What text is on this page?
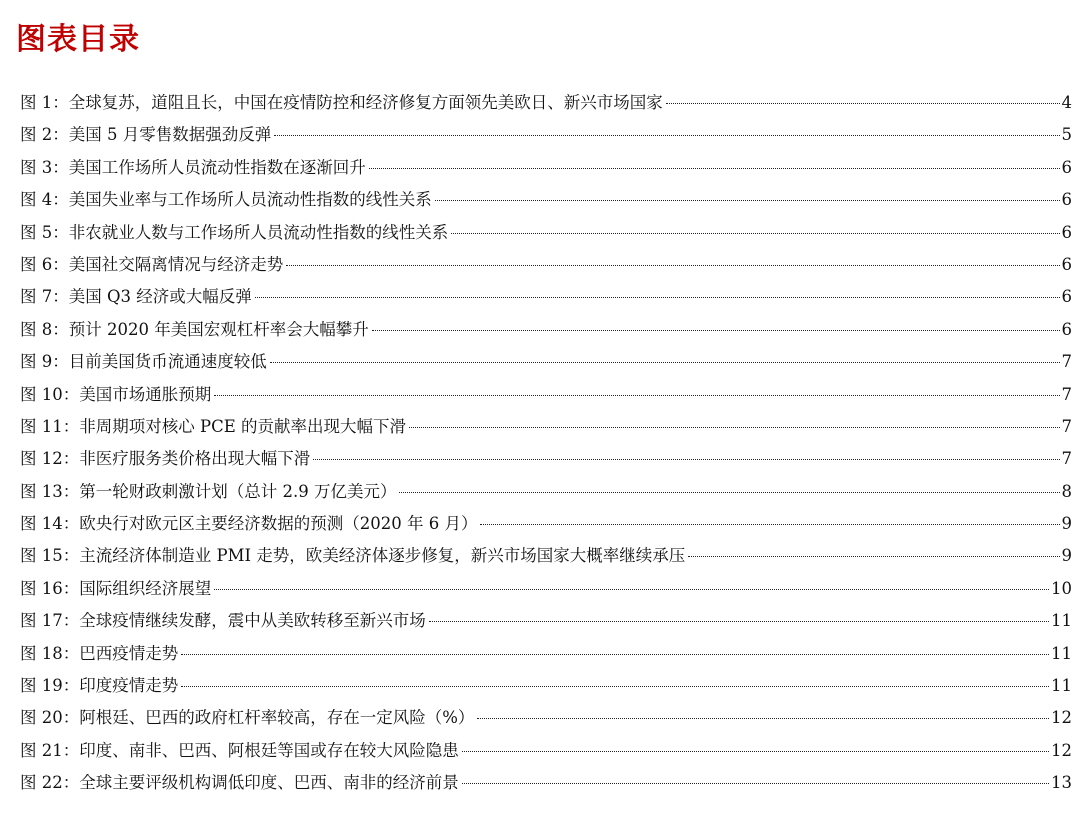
图表目录
图 1：全球复苏，道阻且长，中国在疫情防控和经济修复方面领先美欧日、新兴市场国家	4
图 2：美国 5 月零售数据强劲反弹	5
图 3：美国工作场所人员流动性指数在逐渐回升	6
图 4：美国失业率与工作场所人员流动性指数的线性关系	6
图 5：非农就业人数与工作场所人员流动性指数的线性关系	6
图 6：美国社交隔离情况与经济走势	6
图 7：美国 Q3 经济或大幅反弹	6
图 8：预计 2020 年美国宏观杠杆率会大幅攀升	6
图 9：目前美国货币流通速度较低	7
图 10：美国市场通胀预期	7
图 11：非周期项对核心 PCE 的贡献率出现大幅下滑	7
图 12：非医疗服务类价格出现大幅下滑	7
图 13：第一轮财政刺激计划（总计 2.9 万亿美元）	8
图 14：欧央行对欧元区主要经济数据的预测（2020 年 6 月）	9
图 15：主流经济体制造业 PMI 走势，欧美经济体逐步修复，新兴市场国家大概率继续承压	9
图 16：国际组织经济展望	10
图 17：全球疫情继续发酵，震中从美欧转移至新兴市场	11
图 18：巴西疫情走势	11
图 19：印度疫情走势	11
图 20：阿根廷、巴西的政府杠杆率较高，存在一定风险（%）	12
图 21：印度、南非、巴西、阿根廷等国或存在较大风险隐患	12
图 22：全球主要评级机构调低印度、巴西、南非的经济前景	13
